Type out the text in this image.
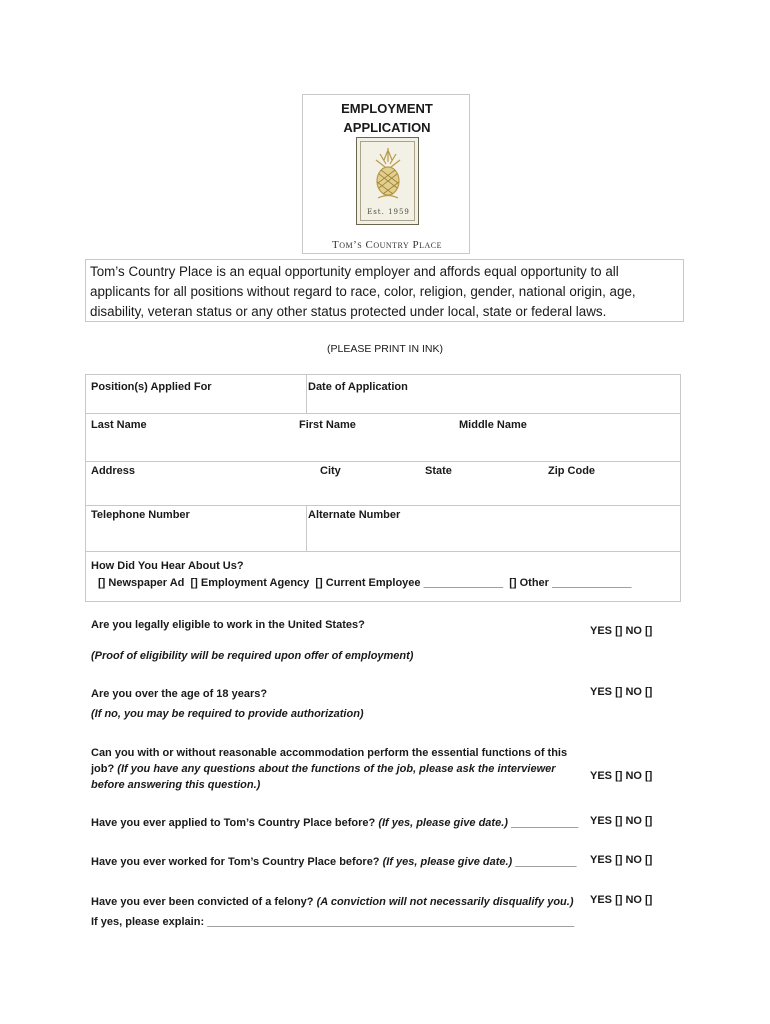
EMPLOYMENT
APPLICATION
Est. 1959
Tom’s Country Place
Tom’s Country Place is an equal opportunity employer and affords equal opportunity to all applicants for all positions without regard to race, color, religion, gender, national origin, age, disability, veteran status or any other status protected under local, state or federal laws.
(PLEASE PRINT IN INK)
Position(s) Applied For	Date of Application
Last Name	First Name	Middle Name
Address	City	State	Zip Code
Telephone Number	Alternate Number
How Did You Hear About Us?
[] Newspaper Ad  [] Employment Agency  [] Current Employee _____________  [] Other _____________
Are you legally eligible to work in the United States?	YES [] NO []
(Proof of eligibility will be required upon offer of employment)
Are you over the age of 18 years?	YES [] NO []
(If no, you may be required to provide authorization)
Can you with or without reasonable accommodation perform the essential functions of this job? (If you have any questions about the functions of the job, please ask the interviewer before answering this question.)
YES [] NO []
Have you ever applied to Tom’s Country Place before? (If yes, please give date.) ___________ YES [] NO []
Have you ever worked for Tom’s Country Place before? (If yes, please give date.) __________ YES [] NO []
Have you ever been convicted of a felony? (A conviction will not necessarily disqualify you.) YES [] NO []
If yes, please explain: ____________________________________________________________
